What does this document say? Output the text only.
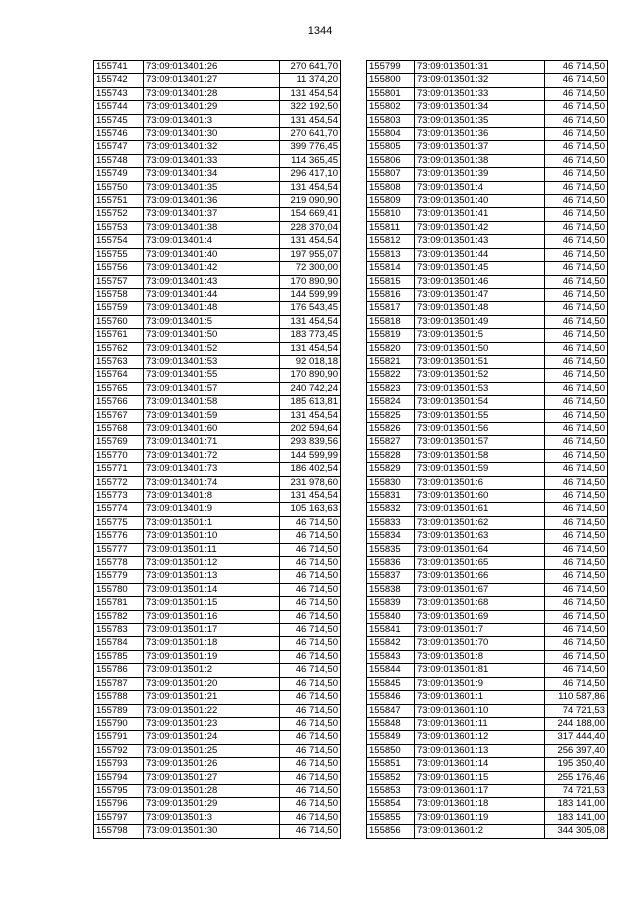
1344
155741	73:09:013401:26	270 641,70
155742	73:09:013401:27	11 374,20
155743	73:09:013401:28	131 454,54
155744	73:09:013401:29	322 192,50
155745	73:09:013401:3	131 454,54
155746	73:09:013401:30	270 641,70
155747	73:09:013401:32	399 776,45
155748	73:09:013401:33	114 365,45
155749	73:09:013401:34	296 417,10
155750	73:09:013401:35	131 454,54
155751	73:09:013401:36	219 090,90
155752	73:09:013401:37	154 669,41
155753	73:09:013401:38	228 370,04
155754	73:09:013401:4	131 454,54
155755	73:09:013401:40	197 955,07
155756	73:09:013401:42	72 300,00
155757	73:09:013401:43	170 890,90
155758	73:09:013401:44	144 599,99
155759	73:09:013401:48	176 543,45
155760	73:09:013401:5	131 454,54
155761	73:09:013401:50	183 773,45
155762	73:09:013401:52	131 454,54
155763	73:09:013401:53	92 018,18
155764	73:09:013401:55	170 890,90
155765	73:09:013401:57	240 742,24
155766	73:09:013401:58	185 613,81
155767	73:09:013401:59	131 454,54
155768	73:09:013401:60	202 594,64
155769	73:09:013401:71	293 839,56
155770	73:09:013401:72	144 599,99
155771	73:09:013401:73	186 402,54
155772	73:09:013401:74	231 978,60
155773	73:09:013401:8	131 454,54
155774	73:09:013401:9	105 163,63
155775	73:09:013501:1	46 714,50
155776	73:09:013501:10	46 714,50
155777	73:09:013501:11	46 714,50
155778	73:09:013501:12	46 714,50
155779	73:09:013501:13	46 714,50
155780	73:09:013501:14	46 714,50
155781	73:09:013501:15	46 714,50
155782	73:09:013501:16	46 714,50
155783	73:09:013501:17	46 714,50
155784	73:09:013501:18	46 714,50
155785	73:09:013501:19	46 714,50
155786	73:09:013501:2	46 714,50
155787	73:09:013501:20	46 714,50
155788	73:09:013501:21	46 714,50
155789	73:09:013501:22	46 714,50
155790	73:09:013501:23	46 714,50
155791	73:09:013501:24	46 714,50
155792	73:09:013501:25	46 714,50
155793	73:09:013501:26	46 714,50
155794	73:09:013501:27	46 714,50
155795	73:09:013501:28	46 714,50
155796	73:09:013501:29	46 714,50
155797	73:09:013501:3	46 714,50
155798	73:09:013501:30	46 714,50
155799	73:09:013501:31	46 714,50
155800	73:09:013501:32	46 714,50
155801	73:09:013501:33	46 714,50
155802	73:09:013501:34	46 714,50
155803	73:09:013501:35	46 714,50
155804	73:09:013501:36	46 714,50
155805	73:09:013501:37	46 714,50
155806	73:09:013501:38	46 714,50
155807	73:09:013501:39	46 714,50
155808	73:09:013501:4	46 714,50
155809	73:09:013501:40	46 714,50
155810	73:09:013501:41	46 714,50
155811	73:09:013501:42	46 714,50
155812	73:09:013501:43	46 714,50
155813	73:09:013501:44	46 714,50
155814	73:09:013501:45	46 714,50
155815	73:09:013501:46	46 714,50
155816	73:09:013501:47	46 714,50
155817	73:09:013501:48	46 714,50
155818	73:09:013501:49	46 714,50
155819	73:09:013501:5	46 714,50
155820	73:09:013501:50	46 714,50
155821	73:09:013501:51	46 714,50
155822	73:09:013501:52	46 714,50
155823	73:09:013501:53	46 714,50
155824	73:09:013501:54	46 714,50
155825	73:09:013501:55	46 714,50
155826	73:09:013501:56	46 714,50
155827	73:09:013501:57	46 714,50
155828	73:09:013501:58	46 714,50
155829	73:09:013501:59	46 714,50
155830	73:09:013501:6	46 714,50
155831	73:09:013501:60	46 714,50
155832	73:09:013501:61	46 714,50
155833	73:09:013501:62	46 714,50
155834	73:09:013501:63	46 714,50
155835	73:09:013501:64	46 714,50
155836	73:09:013501:65	46 714,50
155837	73:09:013501:66	46 714,50
155838	73:09:013501:67	46 714,50
155839	73:09:013501:68	46 714,50
155840	73:09:013501:69	46 714,50
155841	73:09:013501:7	46 714,50
155842	73:09:013501:70	46 714,50
155843	73:09:013501:8	46 714,50
155844	73:09:013501:81	46 714,50
155845	73:09:013501:9	46 714,50
155846	73:09:013601:1	110 587,86
155847	73:09:013601:10	74 721,53
155848	73:09:013601:11	244 188,00
155849	73:09:013601:12	317 444,40
155850	73:09:013601:13	256 397,40
155851	73:09:013601:14	195 350,40
155852	73:09:013601:15	255 176,46
155853	73:09:013601:17	74 721,53
155854	73:09:013601:18	183 141,00
155855	73:09:013601:19	183 141,00
155856	73:09:013601:2	344 305,08
